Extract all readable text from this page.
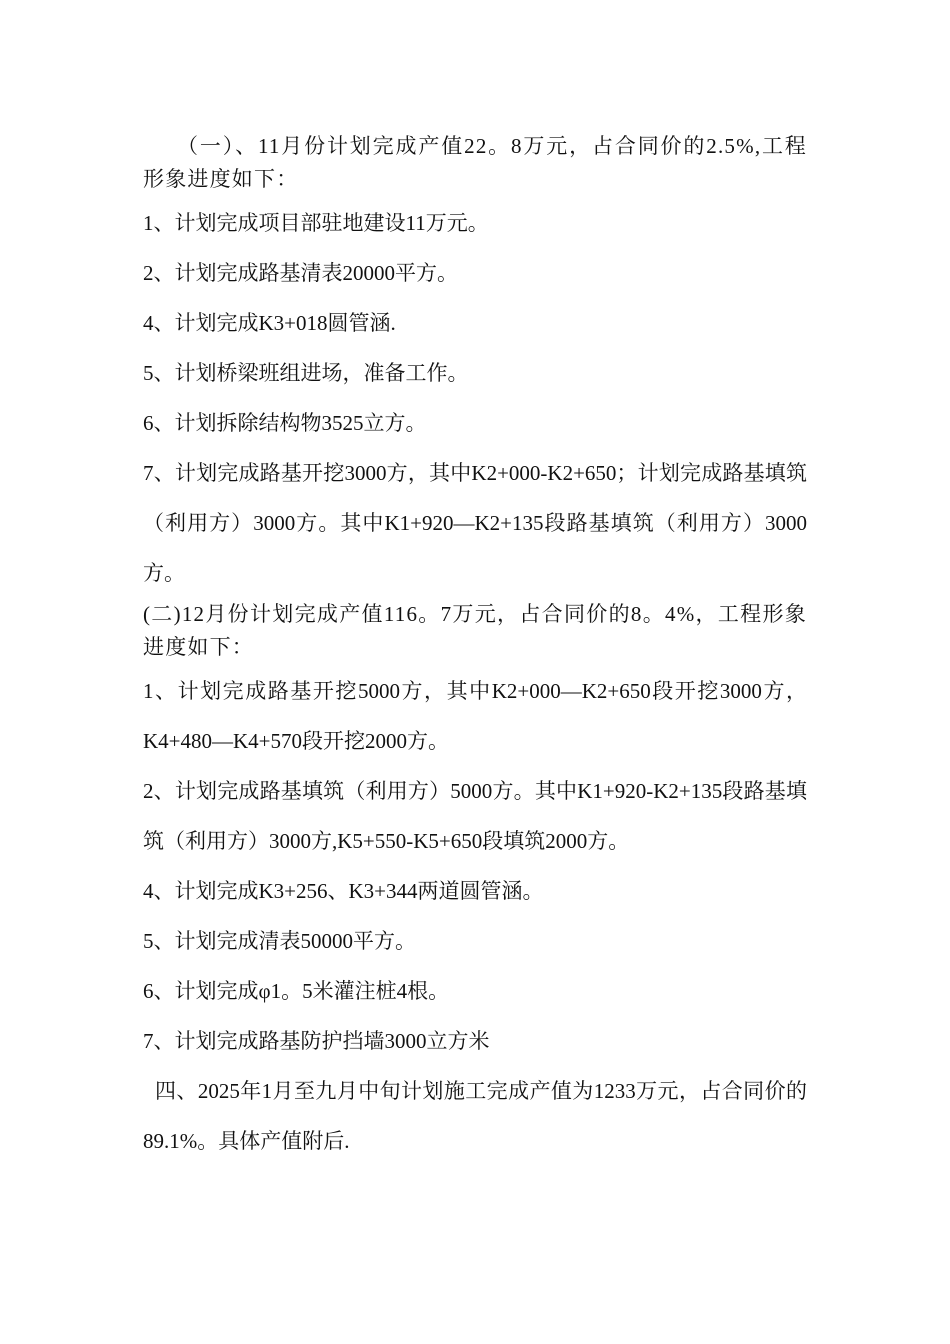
（一）、11月份计划完成产值22。8万元，占合同价的2.5%,工程形象进度如下：

1、计划完成项目部驻地建设11万元。

2、计划完成路基清表20000平方。

4、计划完成K3+018圆管涵.

5、计划桥梁班组进场，准备工作。

6、计划拆除结构物3525立方。

7、计划完成路基开挖3000方，其中K2+000-K2+650；计划完成路基填筑（利用方）3000方。其中K1+920—K2+135段路基填筑（利用方）3000方。

(二)12月份计划完成产值116。7万元，占合同价的8。4%，工程形象进度如下：

1、计划完成路基开挖5000方，其中K2+000—K2+650段开挖3000方，K4+480—K4+570段开挖2000方。

2、计划完成路基填筑（利用方）5000方。其中K1+920-K2+135段路基填筑（利用方）3000方,K5+550-K5+650段填筑2000方。

4、计划完成K3+256、K3+344两道圆管涵。

5、计划完成清表50000平方。

6、计划完成φ1。5米灌注桩4根。

7、计划完成路基防护挡墙3000立方米

四、2025年1月至九月中旬计划施工完成产值为1233万元，占合同价的89.1%。具体产值附后.
